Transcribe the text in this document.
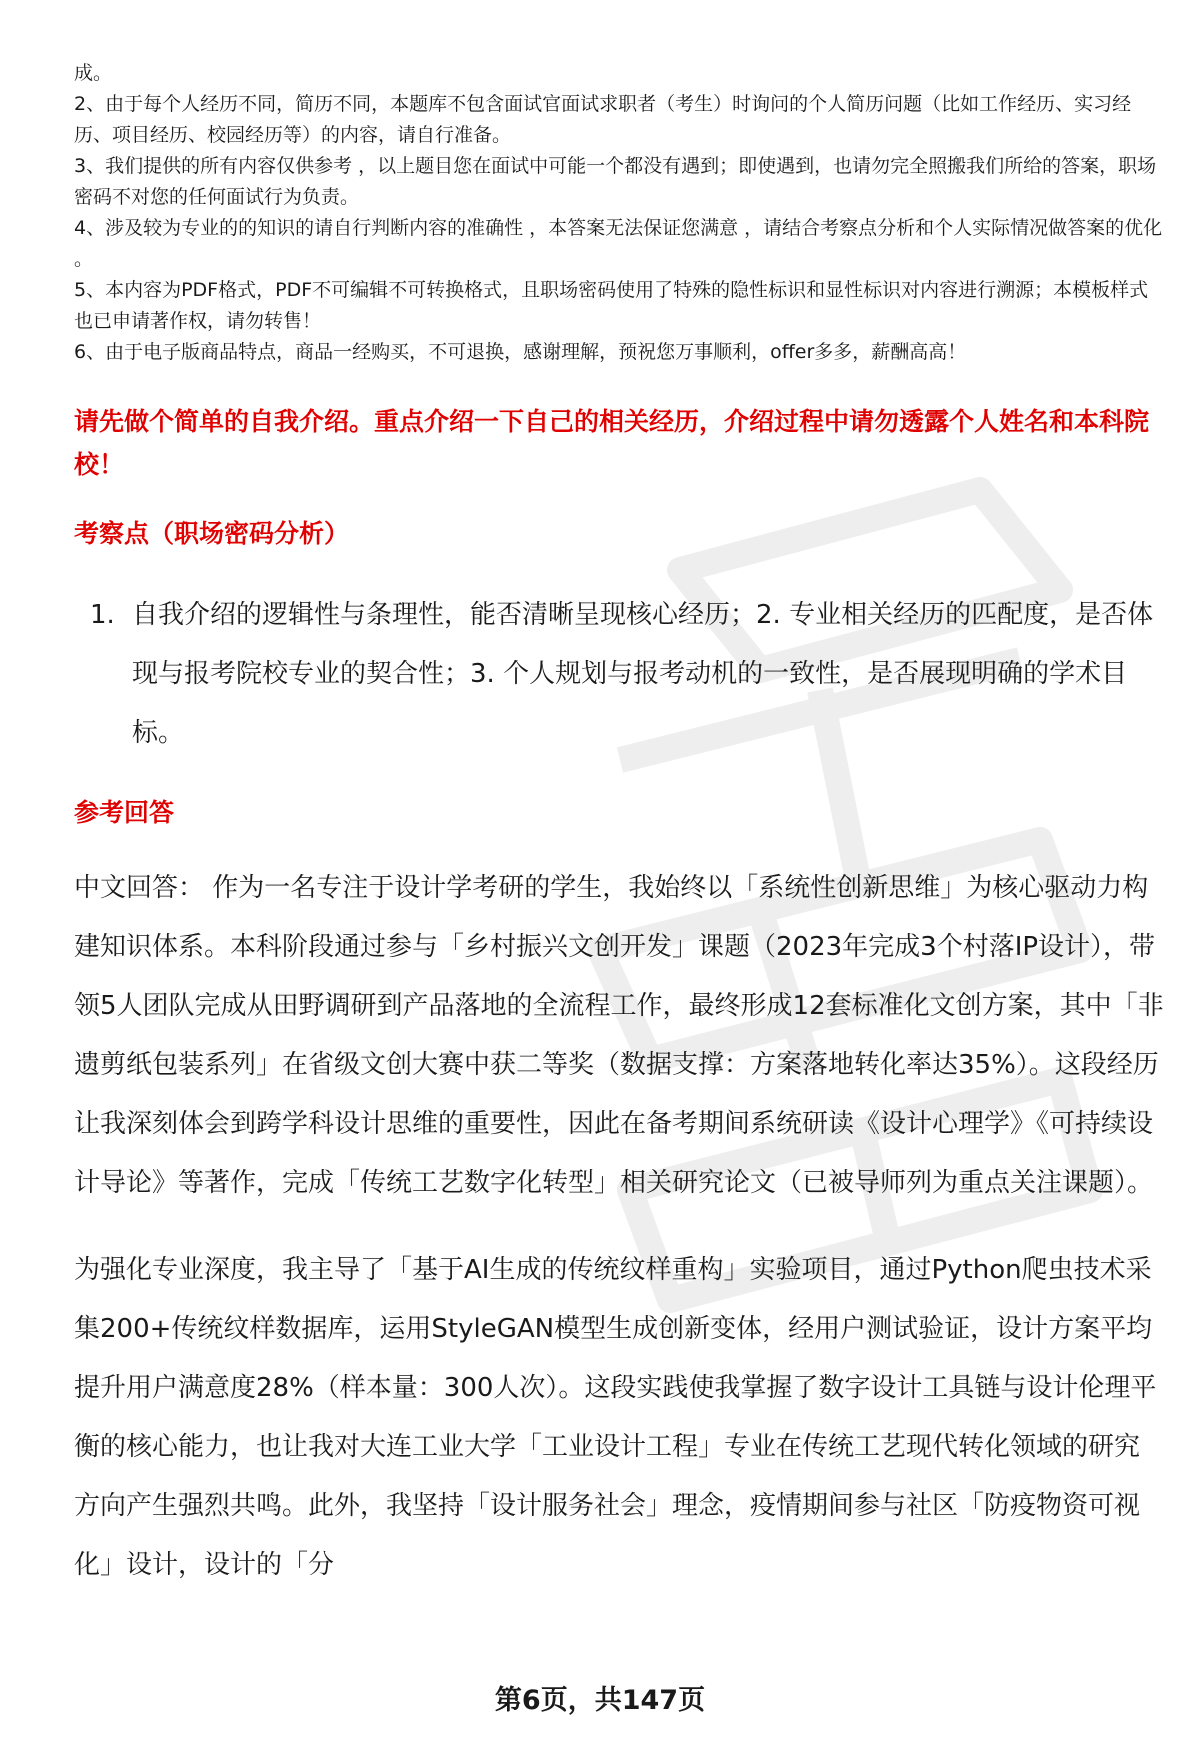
成。

2、由于每个人经历不同，简历不同，本题库不包含面试官面试求职者（考生）时询问的个人简历问题（比如工作经历、实习经历、项目经历、校园经历等）的内容，请自行准备。

3、我们提供的所有内容仅供参考 ，以上题目您在面试中可能一个都没有遇到；即使遇到，也请勿完全照搬我们所给的答案，职场密码不对您的任何面试行为负责。

4、涉及较为专业的的知识的请自行判断内容的准确性 ，本答案无法保证您满意 ，请结合考察点分析和个人实际情况做答案的优化 。

5、本内容为PDF格式，PDF不可编辑不可转换格式，且职场密码使用了特殊的隐性标识和显性标识对内容进行溯源；本模板样式也已申请著作权，请勿转售！

6、由于电子版商品特点，商品一经购买，不可退换，感谢理解，预祝您万事顺利，offer多多，薪酬高高！

请先做个简单的自我介绍。重点介绍一下自己的相关经历，介绍过程中请勿透露个人姓名和本科院校！
考察点（职场密码分析）
1. 自我介绍的逻辑性与条理性，能否清晰呈现核心经历；2. 专业相关经历的匹配度，是否体现与报考院校专业的契合性；3. 个人规划与报考动机的一致性，是否展现明确的学术目标。
参考回答

中文回答： 作为一名专注于设计学考研的学生，我始终以「系统性创新思维」为核心驱动力构建知识体系。本科阶段通过参与「乡村振兴文创开发」课题（2023年完成3个村落IP设计），带领5人团队完成从田野调研到产品落地的全流程工作，最终形成12套标准化文创方案，其中「非遗剪纸包装系列」在省级文创大赛中获二等奖（数据支撑：方案落地转化率达35%）。这段经历让我深刻体会到跨学科设计思维的重要性，因此在备考期间系统研读《设计心理学》《可持续设计导论》等著作，完成「传统工艺数字化转型」相关研究论文（已被导师列为重点关注课题）。

为强化专业深度，我主导了「基于AI生成的传统纹样重构」实验项目，通过Python爬虫技术采集200+传统纹样数据库，运用StyleGAN模型生成创新变体，经用户测试验证，设计方案平均提升用户满意度28%（样本量：300人次）。这段实践使我掌握了数字设计工具链与设计伦理平衡的核心能力，也让我对大连工业大学「工业设计工程」专业在传统工艺现代转化领域的研究方向产生强烈共鸣。此外，我坚持「设计服务社会」理念，疫情期间参与社区「防疫物资可视化」设计，设计的「分

第6页，共147页
